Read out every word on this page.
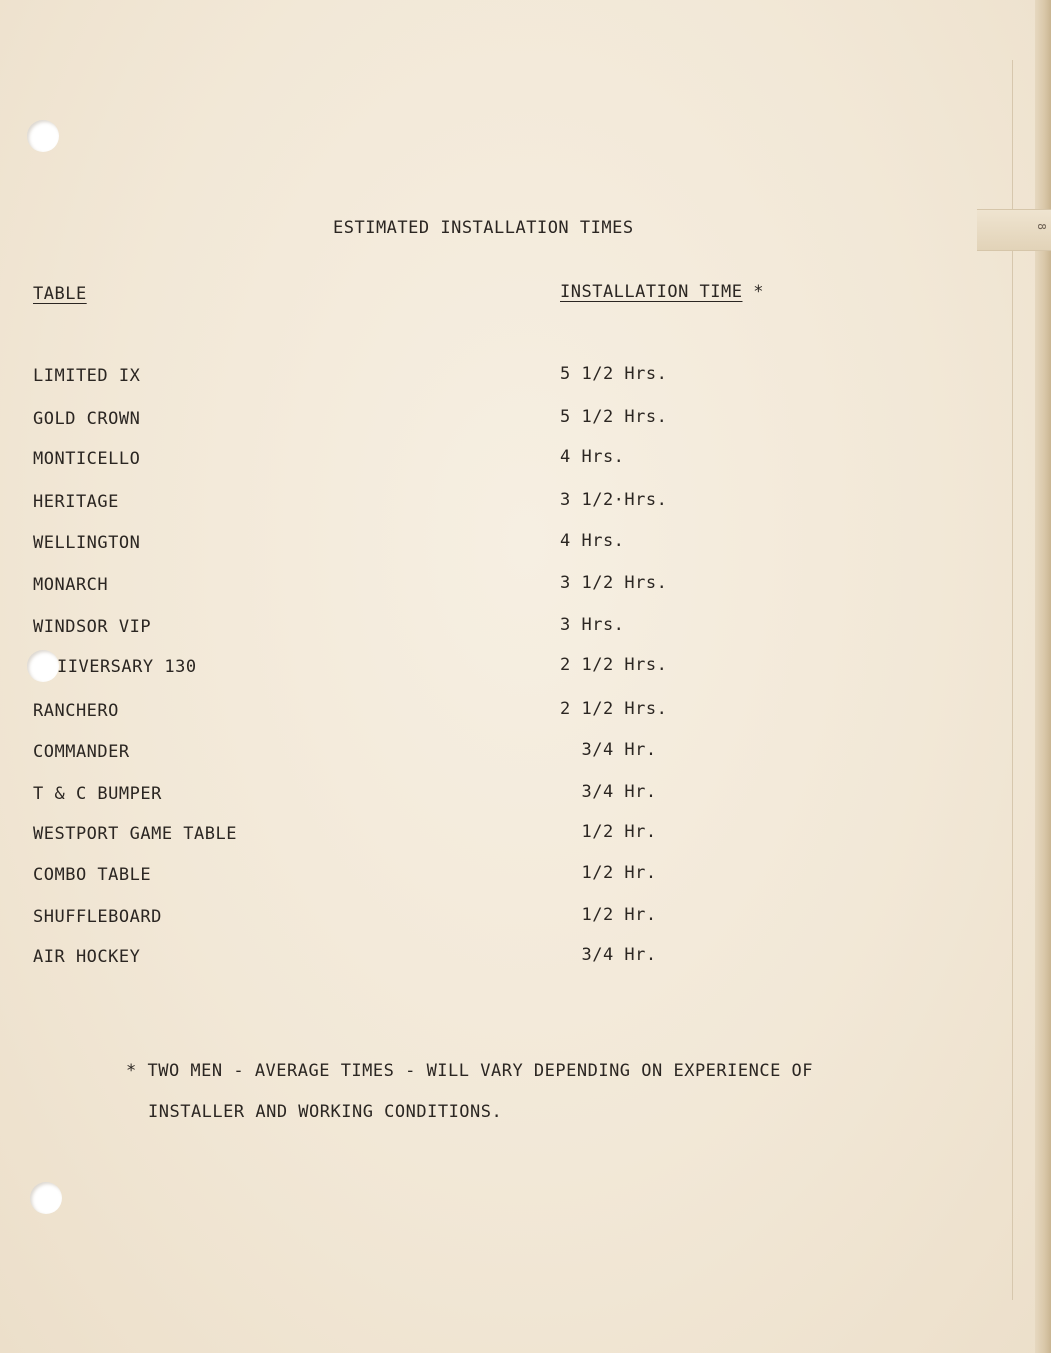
8
ESTIMATED INSTALLATION TIMES
TABLE	INSTALLATION TIME *
LIMITED IX	5 1/2 Hrs.
GOLD CROWN	5 1/2 Hrs.
MONTICELLO	4 Hrs.
HERITAGE	3 1/2·Hrs.
WELLINGTON	4 Hrs.
MONARCH	3 1/2 Hrs.
WINDSOR VIP	3 Hrs.
IIVERSARY 130	2 1/2 Hrs.
RANCHERO	2 1/2 Hrs.
COMMANDER	3/4 Hr.
T & C BUMPER	3/4 Hr.
WESTPORT GAME TABLE	1/2 Hr.
COMBO TABLE	1/2 Hr.
SHUFFLEBOARD	1/2 Hr.
AIR HOCKEY	3/4 Hr.
* TWO MEN - AVERAGE TIMES - WILL VARY DEPENDING ON EXPERIENCE OF
INSTALLER AND WORKING CONDITIONS.
